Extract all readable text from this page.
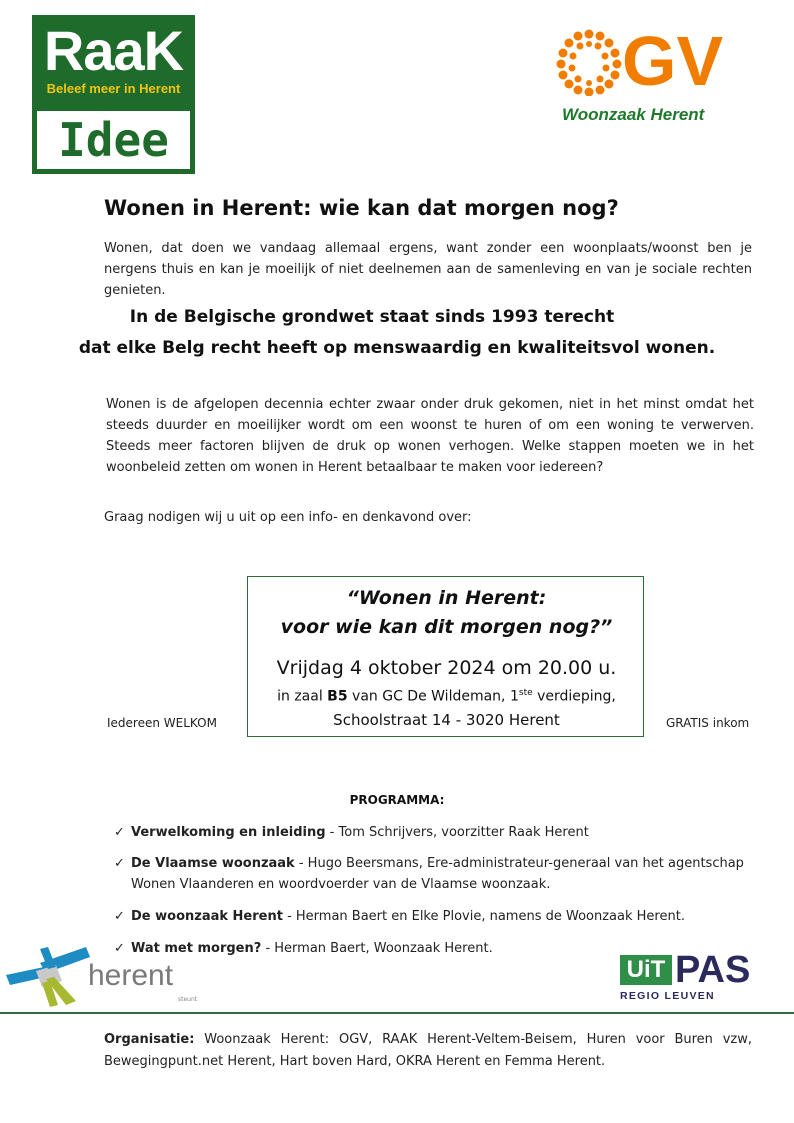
RaaK
Beleef meer in Herent
Idee
GV
Woonzaak Herent
Wonen in Herent: wie kan dat morgen nog?
Wonen, dat doen we vandaag allemaal ergens, want zonder een woonplaats/woonst ben je nergens thuis en kan je moeilijk of niet deelnemen aan de samenleving en van je sociale rechten genieten.
In de Belgische grondwet staat sinds 1993 terecht
dat elke Belg recht heeft op menswaardig en kwaliteitsvol wonen.
Wonen is de afgelopen decennia echter zwaar onder druk gekomen, niet in het minst omdat het steeds duurder en moeilijker wordt om een woonst te huren of om een woning te verwerven. Steeds meer factoren blijven de druk op wonen verhogen. Welke stappen moeten we in het woonbeleid zetten om wonen in Herent betaalbaar te maken voor iedereen?
Graag nodigen wij u uit op een info- en denkavond over:
“Wonen in Herent:
voor wie kan dit morgen nog?”
Vrijdag 4 oktober 2024 om 20.00 u.
in zaal B5 van GC De Wildeman, 1ste verdieping,
Schoolstraat 14 - 3020 Herent
Iedereen WELKOM	GRATIS inkom
PROGRAMMA:
✓ Verwelkoming en inleiding - Tom Schrijvers, voorzitter Raak Herent
✓ De Vlaamse woonzaak - Hugo Beersmans, Ere-administrateur-generaal van het agentschap Wonen Vlaanderen en woordvoerder van de Vlaamse woonzaak.
✓ De woonzaak Herent - Herman Baert en Elke Plovie, namens de Woonzaak Herent.
✓ Wat met morgen? - Herman Baert, Woonzaak Herent.
herent
steunt
UiT PAS
REGIO LEUVEN
Organisatie: Woonzaak Herent: OGV, RAAK Herent-Veltem-Beisem, Huren voor Buren vzw, Bewegingpunt.net Herent, Hart boven Hard, OKRA Herent en Femma Herent.
